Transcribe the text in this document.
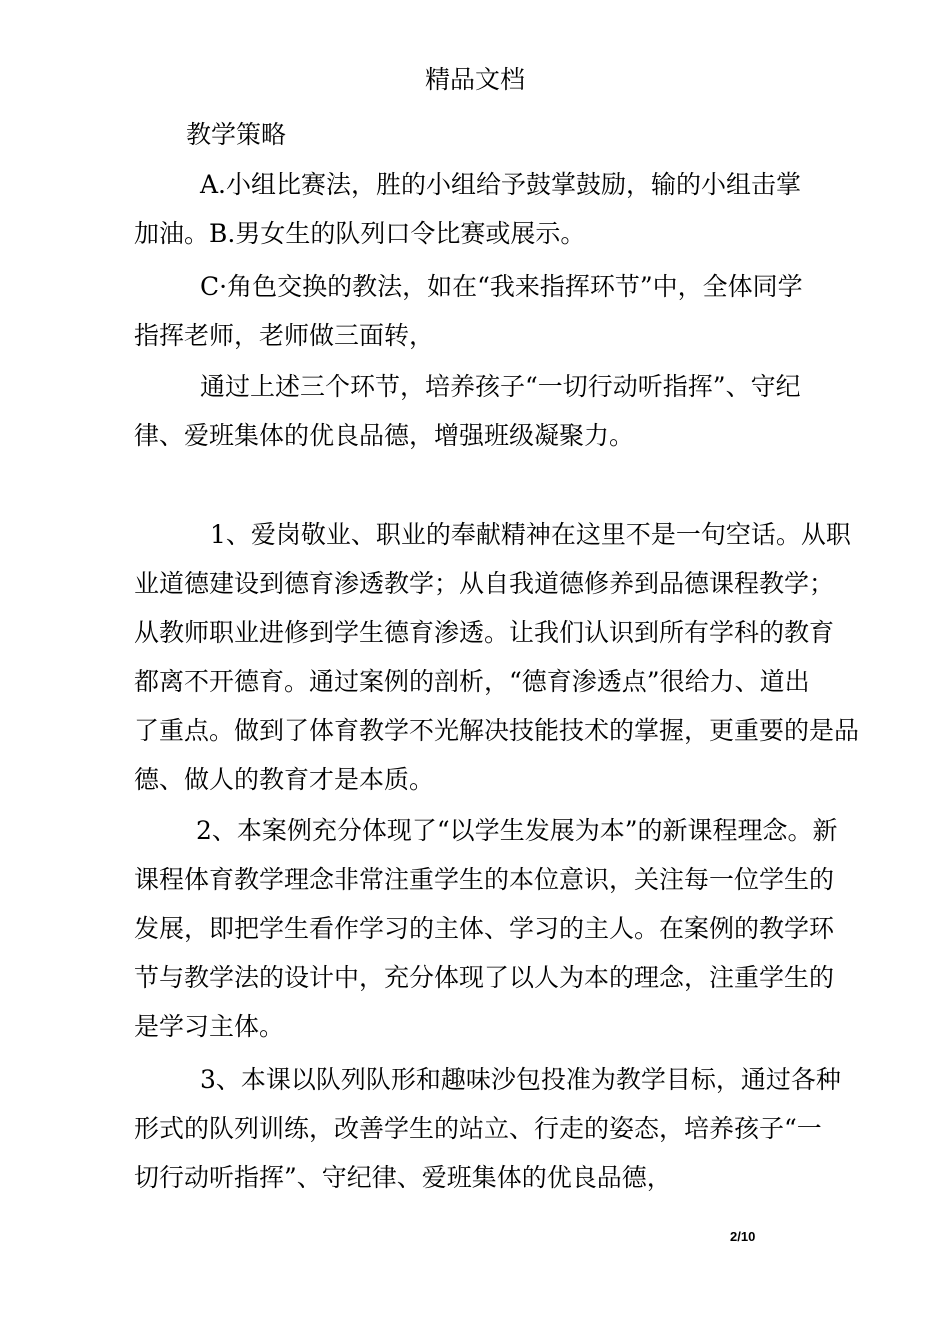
精品文档

教学策略

A.小组比赛法，胜的小组给予鼓掌鼓励，输的小组击掌
加油。B.男女生的队列口令比赛或展示。

C·角色交换的教法，如在“我来指挥环节”中，全体同学
指挥老师，老师做三面转，

通过上述三个环节，培养孩子“一切行动听指挥”、守纪
律、爱班集体的优良品德，增强班级凝聚力。

1、爱岗敬业、职业的奉献精神在这里不是一句空话。从职
业道德建设到德育渗透教学；从自我道德修养到品德课程教学；
从教师职业进修到学生德育渗透。让我们认识到所有学科的教育
都离不开德育。通过案例的剖析，“德育渗透点”很给力、道出
了重点。做到了体育教学不光解决技能技术的掌握，更重要的是品
德、做人的教育才是本质。

2、本案例充分体现了“以学生发展为本”的新课程理念。新
课程体育教学理念非常注重学生的本位意识，关注每一位学生的
发展，即把学生看作学习的主体、学习的主人。在案例的教学环
节与教学法的设计中，充分体现了以人为本的理念，注重学生的
是学习主体。

3、本课以队列队形和趣味沙包投准为教学目标，通过各种
形式的队列训练，改善学生的站立、行走的姿态，培养孩子“一
切行动听指挥”、守纪律、爱班集体的优良品德，

2/10
